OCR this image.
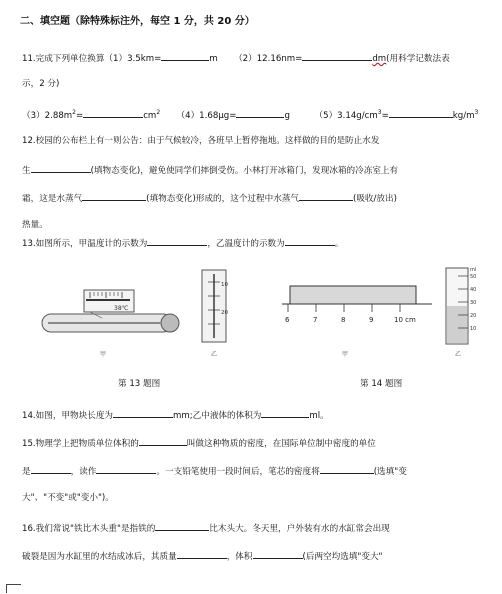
二、填空题（除特殊标注外，每空 1 分，共 20 分）
11.完成下列单位换算（1）3.5km=	m （2）12.16nm=	dm(用科学记数法表
示，2 分)
$(3)2.88m^2=$	$cm^2$ （4）1.68μg=	g	$(5)3.14g/cm^3=$	$kg/m^3$
12.校园的公布栏上有一则公告：由于气候较冷，各班早上暂停拖地。这样做的目的是防止水发
生	(填物态变化)，避免使同学们摔倒受伤。小林打开冰箱门，发现冰箱的冷冻室上有
霜，这是水蒸气	(填物态变化)形成的，这个过程中水蒸气	(吸收/放出)
热量。
13.如图所示，甲温度计的示数为	，乙温度计的示数为	。
38℃
甲
10
20
乙
6	7	8	9	10 cm
甲
ml
50
40
30
20
10
乙
第 13 题图	第 14 题图
14.如图，甲物块长度为	mm;乙中液体的体积为	ml。
15.物理学上把物质单位体积的	叫做这种物质的密度，在国际单位制中密度的单位
是	，读作	。一支铅笔使用一段时间后，笔芯的密度将	(选填"变
大"、"不变"或"变小")。
16.我们常说"铁比木头重"是指铁的	比木头大。冬天里，户外装有水的水缸常会出现
破裂是因为水缸里的水结成冰后，其质量	，体积	(后两空均选填"变大"
